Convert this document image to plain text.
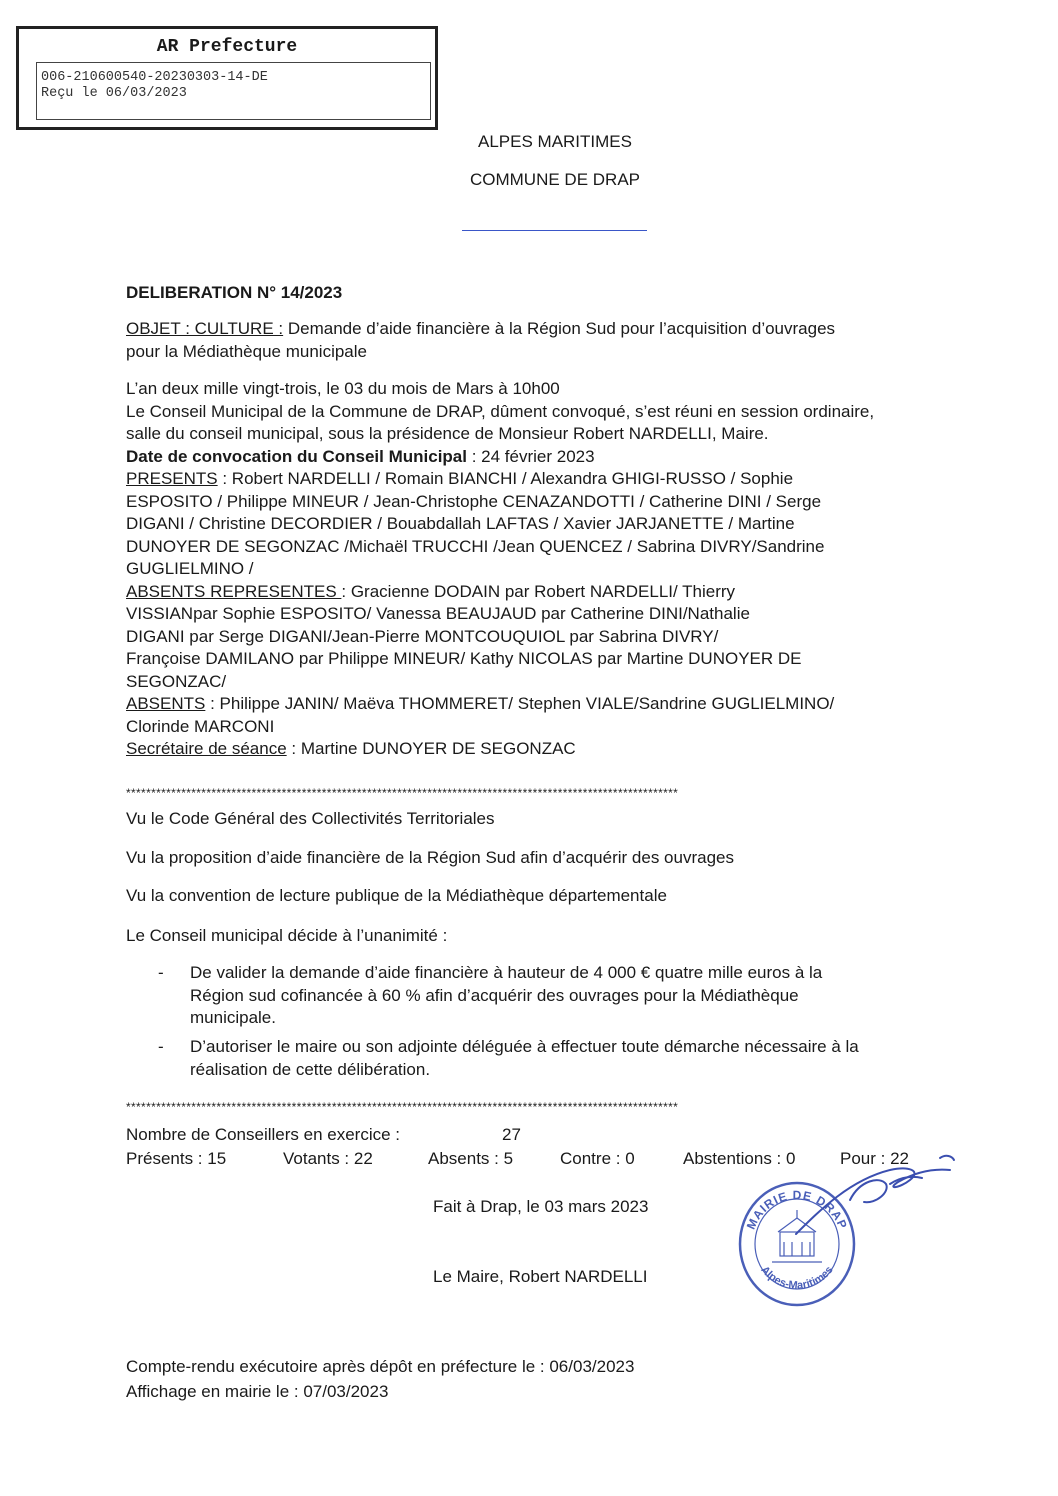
AR Prefecture
006-210600540-20230303-14-DE
Reçu le 06/03/2023
ALPES MARITIMES
COMMUNE DE DRAP
DELIBERATION N° 14/2023
OBJET : CULTURE : Demande d’aide financière à la Région Sud pour l’acquisition d’ouvrages
pour la Médiathèque municipale
L’an deux mille vingt-trois, le 03 du mois de Mars à 10h00
Le Conseil Municipal de la Commune de DRAP, dûment convoqué, s’est réuni en session ordinaire,
salle du conseil municipal, sous la présidence de Monsieur Robert NARDELLI, Maire.
Date de convocation du Conseil Municipal : 24 février 2023
PRESENTS : Robert NARDELLI / Romain BIANCHI / Alexandra GHIGI-RUSSO / Sophie
ESPOSITO / Philippe MINEUR / Jean-Christophe CENAZANDOTTI / Catherine DINI / Serge
DIGANI / Christine DECORDIER / Bouabdallah LAFTAS / Xavier JARJANETTE / Martine
DUNOYER DE SEGONZAC /Michaël TRUCCHI /Jean QUENCEZ / Sabrina DIVRY/Sandrine
GUGLIELMINO /
ABSENTS REPRESENTES : Gracienne DODAIN par Robert NARDELLI/ Thierry
VISSIANpar Sophie ESPOSITO/ Vanessa BEAUJAUD par Catherine DINI/Nathalie
DIGANI par Serge DIGANI/Jean-Pierre MONTCOUQUIOL par Sabrina DIVRY/
Françoise DAMILANO par Philippe MINEUR/ Kathy NICOLAS par Martine DUNOYER DE
SEGONZAC/
ABSENTS : Philippe JANIN/ Maëva THOMMERET/ Stephen VIALE/Sandrine GUGLIELMINO/
Clorinde MARCONI
Secrétaire de séance : Martine DUNOYER DE SEGONZAC
**************************************************************************************************************
Vu le Code Général des Collectivités Territoriales
Vu la proposition d’aide financière de la Région Sud afin d’acquérir des ouvrages
Vu la convention de lecture publique de la Médiathèque départementale
Le Conseil municipal décide à l’unanimité :
- De valider la demande d’aide financière à hauteur de 4 000 € quatre mille euros à la
Région sud cofinancée à 60 % afin d’acquérir des ouvrages pour la Médiathèque
municipale.
- D’autoriser le maire ou son adjointe déléguée à effectuer toute démarche nécessaire à la
réalisation de cette délibération.
**************************************************************************************************************
Nombre de Conseillers en exercice :	27
Présents : 15	Votants : 22	Absents : 5	Contre : 0	Abstentions : 0	Pour : 22
Fait à Drap, le 03 mars 2023
Le Maire, Robert NARDELLI
MAIRIE DE DRAP
Alpes-Maritimes
Compte-rendu exécutoire après dépôt en préfecture le : 06/03/2023
Affichage en mairie le : 07/03/2023
